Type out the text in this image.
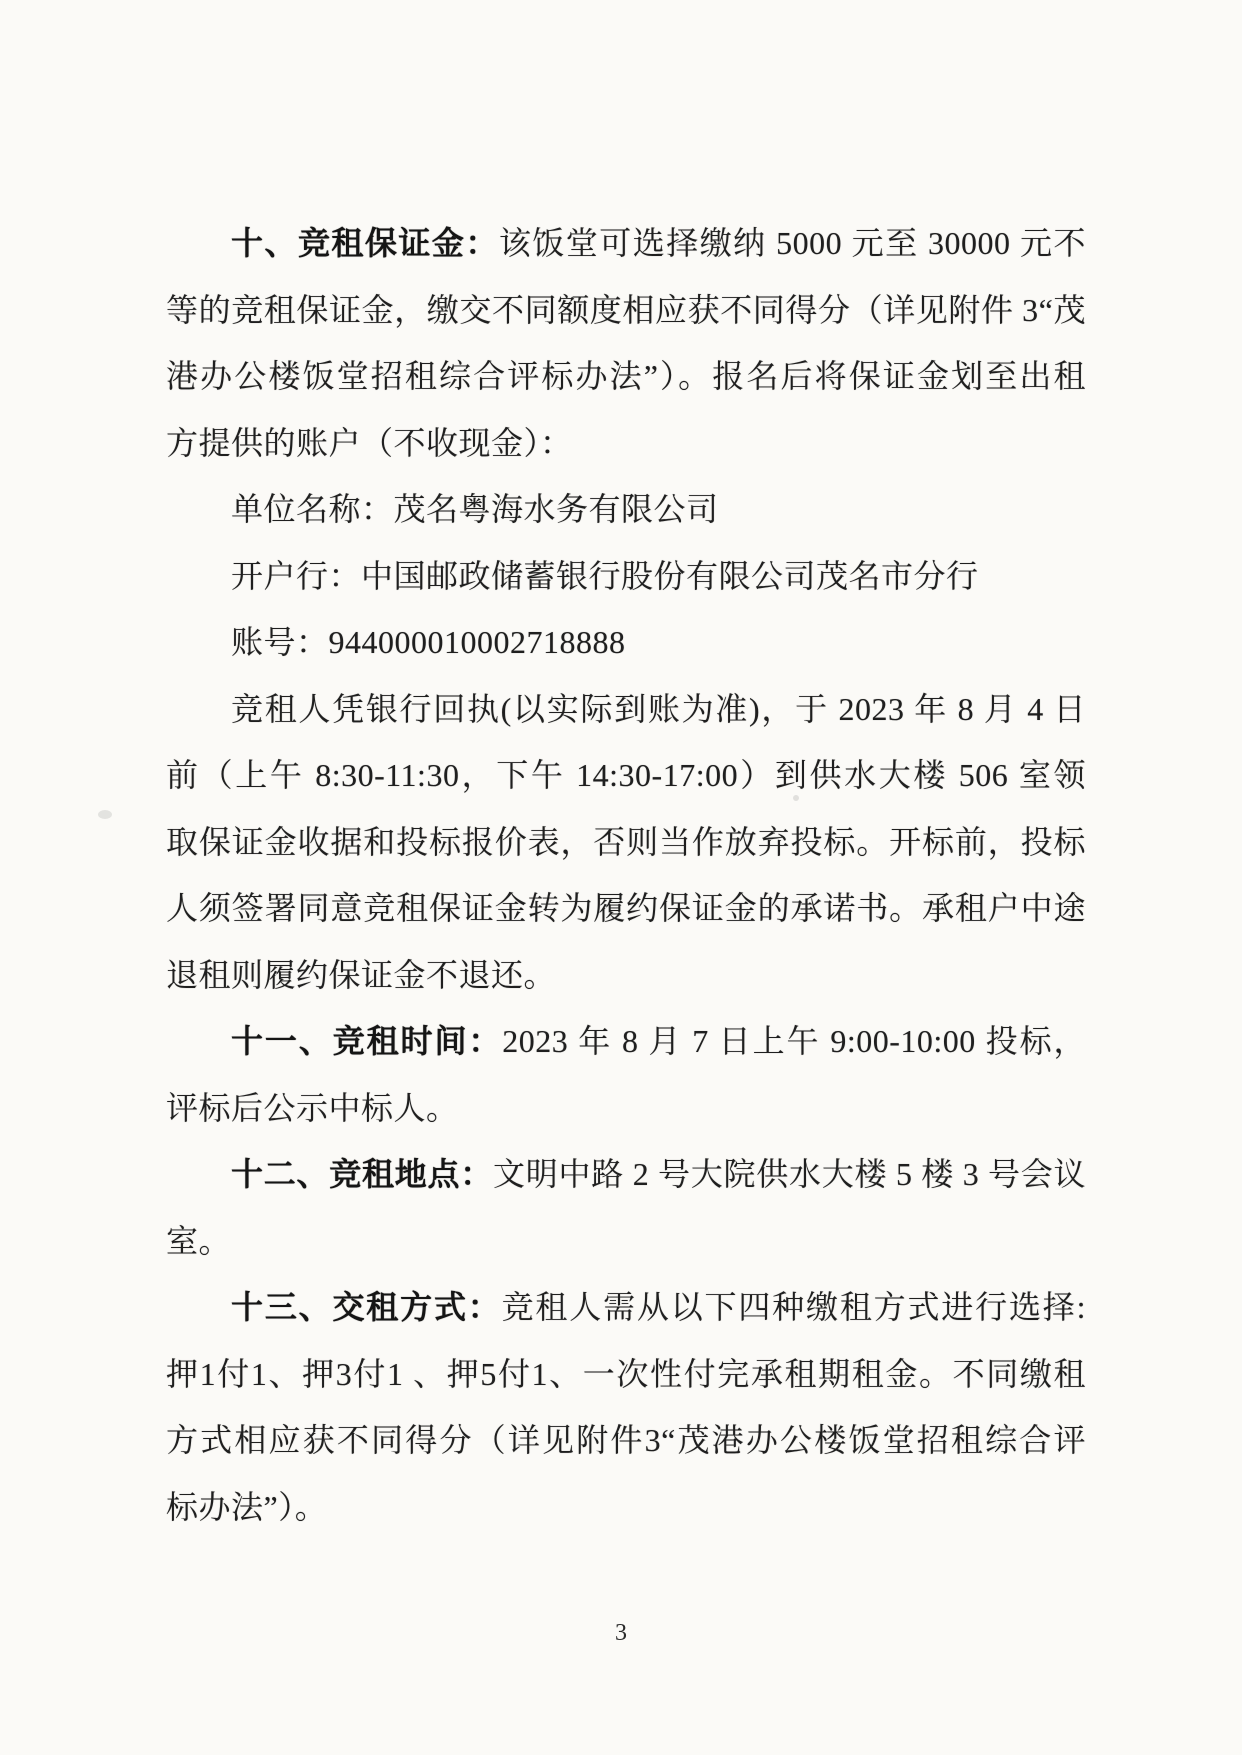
十、竞租保证金：该饭堂可选择缴纳 5000 元至 30000 元不
等的竞租保证金，缴交不同额度相应获不同得分（详见附件 3“茂
港办公楼饭堂招租综合评标办法”）。报名后将保证金划至出租
方提供的账户（不收现金）：
单位名称：茂名粤海水务有限公司
开户行：中国邮政储蓄银行股份有限公司茂名市分行
账号：944000010002718888
竞租人凭银行回执(以实际到账为准)，于 2023 年 8 月 4 日
前（上午 8:30-11:30，下午 14:30-17:00）到供水大楼 506 室领
取保证金收据和投标报价表，否则当作放弃投标。开标前，投标
人须签署同意竞租保证金转为履约保证金的承诺书。承租户中途
退租则履约保证金不退还。
十一、竞租时间：2023 年 8 月 7 日上午 9:00-10:00 投标，
评标后公示中标人。
十二、竞租地点：文明中路 2 号大院供水大楼 5 楼 3 号会议
室。
十三、交租方式：竞租人需从以下四种缴租方式进行选择:
押1付1、押3付1 、押5付1、一次性付完承租期租金。不同缴租
方式相应获不同得分（详见附件3“茂港办公楼饭堂招租综合评
标办法”）。
3
